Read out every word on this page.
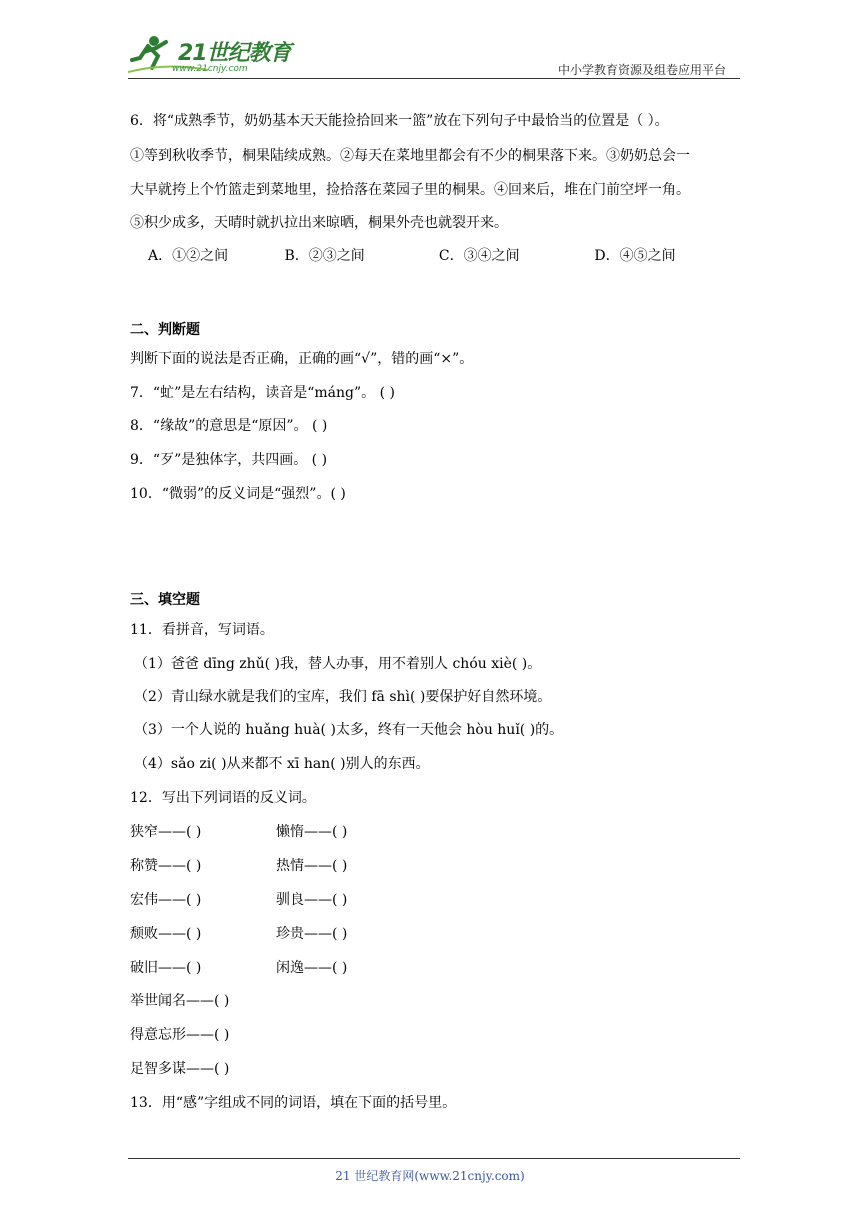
21世纪教育
www.21cnjy.com	中小学教育资源及组卷应用平台
6．将“成熟季节，奶奶基本天天能捡拾回来一篮”放在下列句子中最恰当的位置是（ ）。
①等到秋收季节，桐果陆续成熟。②每天在菜地里都会有不少的桐果落下来。③奶奶总会一
大早就挎上个竹篮走到菜地里，捡拾落在菜园子里的桐果。④回来后，堆在门前空坪一角。
⑤积少成多，天晴时就扒拉出来晾晒，桐果外壳也就裂开来。
A．①②之间	B．②③之间	C．③④之间	D．④⑤之间
二、判断题
判断下面的说法是否正确，正确的画“√”，错的画“×”。
7．“虻”是左右结构，读音是“máng”。 ( )
8．“缘故”的意思是“原因”。 ( )
9．“歹”是独体字，共四画。 ( )
10．“微弱”的反义词是“强烈”。( )
三、填空题
11．看拼音，写词语。
（1）爸爸 dīng zhǔ( )我，替人办事，用不着别人 chóu xiè( )。
（2）青山绿水就是我们的宝库，我们 fā shì( )要保护好自然环境。
（3）一个人说的 huǎng huà( )太多，终有一天他会 hòu huǐ( )的。
（4）sǎo zi( )从来都不 xī han( )别人的东西。
12．写出下列词语的反义词。
狭窄——( )	懒惰——( )
称赞——( )	热情——( )
宏伟——( )	驯良——( )
颓败——( )	珍贵——( )
破旧——( )	闲逸——( )
举世闻名——( )
得意忘形——( )
足智多谋——( )
13．用“感”字组成不同的词语，填在下面的括号里。
21 世纪教育网(www.21cnjy.com)
